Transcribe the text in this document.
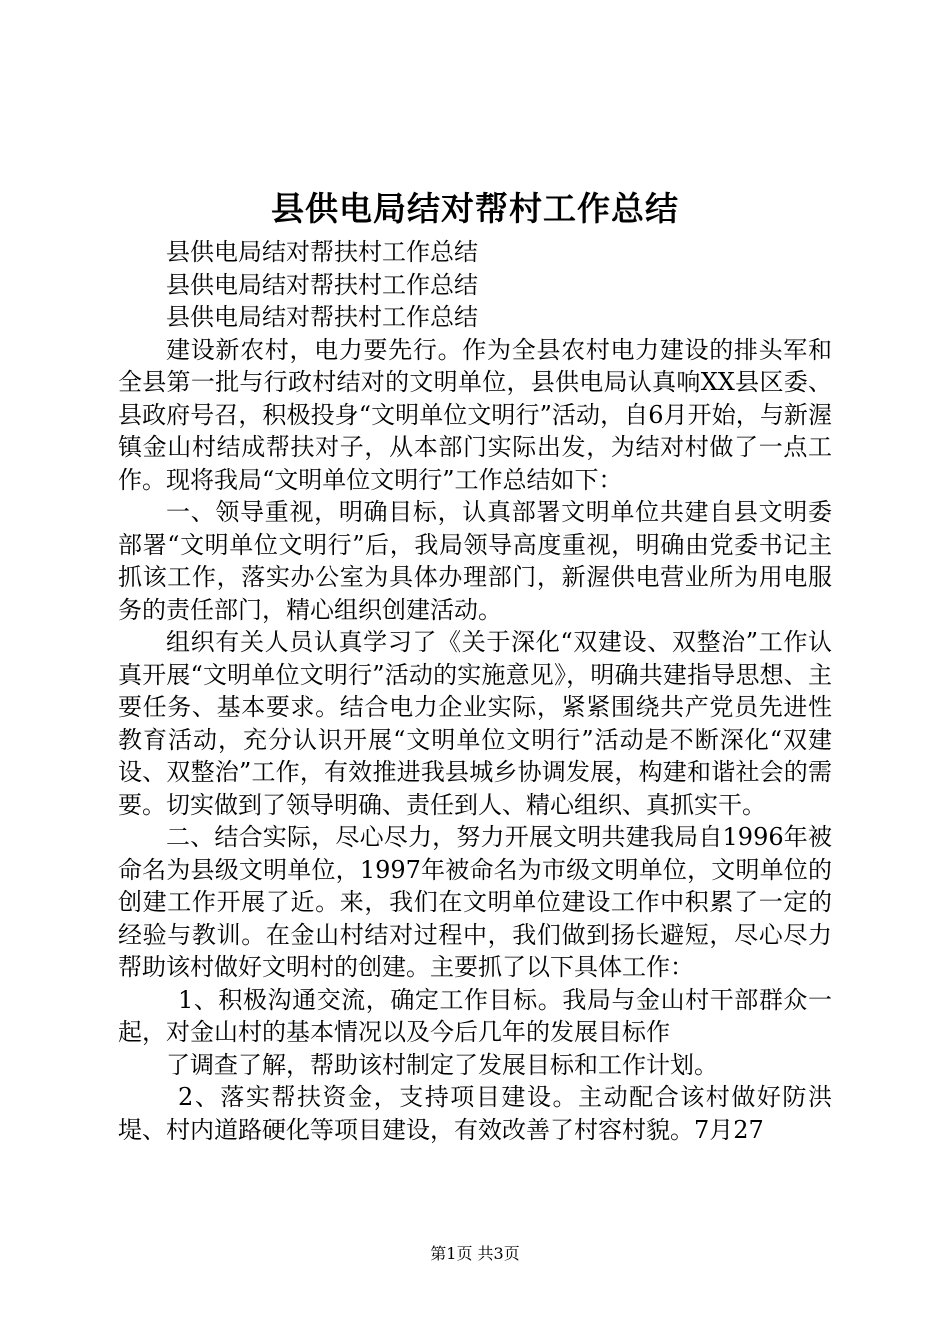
县供电局结对帮村工作总结

县供电局结对帮扶村工作总结

县供电局结对帮扶村工作总结

县供电局结对帮扶村工作总结

建设新农村，电力要先行。作为全县农村电力建设的排头军和全县第一批与行政村结对的文明单位，县供电局认真响XX县区委、县政府号召，积极投身“文明单位文明行”活动，自6月开始，与新渥镇金山村结成帮扶对子，从本部门实际出发，为结对村做了一点工作。现将我局“文明单位文明行”工作总结如下：

一、领导重视，明确目标，认真部署文明单位共建自县文明委部署“文明单位文明行”后，我局领导高度重视，明确由党委书记主抓该工作，落实办公室为具体办理部门，新渥供电营业所为用电服务的责任部门，精心组织创建活动。

组织有关人员认真学习了《关于深化“双建设、双整治”工作认真开展“文明单位文明行”活动的实施意见》，明确共建指导思想、主要任务、基本要求。结合电力企业实际，紧紧围绕共产党员先进性教育活动，充分认识开展“文明单位文明行”活动是不断深化“双建设、双整治”工作，有效推进我县城乡协调发展，构建和谐社会的需要。切实做到了领导明确、责任到人、精心组织、真抓实干。

二、结合实际，尽心尽力，努力开展文明共建我局自1996年被命名为县级文明单位，1997年被命名为市级文明单位，文明单位的创建工作开展了近。来，我们在文明单位建设工作中积累了一定的经验与教训。在金山村结对过程中，我们做到扬长避短，尽心尽力帮助该村做好文明村的创建。主要抓了以下具体工作：

1、积极沟通交流，确定工作目标。我局与金山村干部群众一起，对金山村的基本情况以及今后几年的发展目标作

了调查了解，帮助该村制定了发展目标和工作计划。

2、落实帮扶资金，支持项目建设。主动配合该村做好防洪堤、村内道路硬化等项目建设，有效改善了村容村貌。7月27

第1页 共3页
